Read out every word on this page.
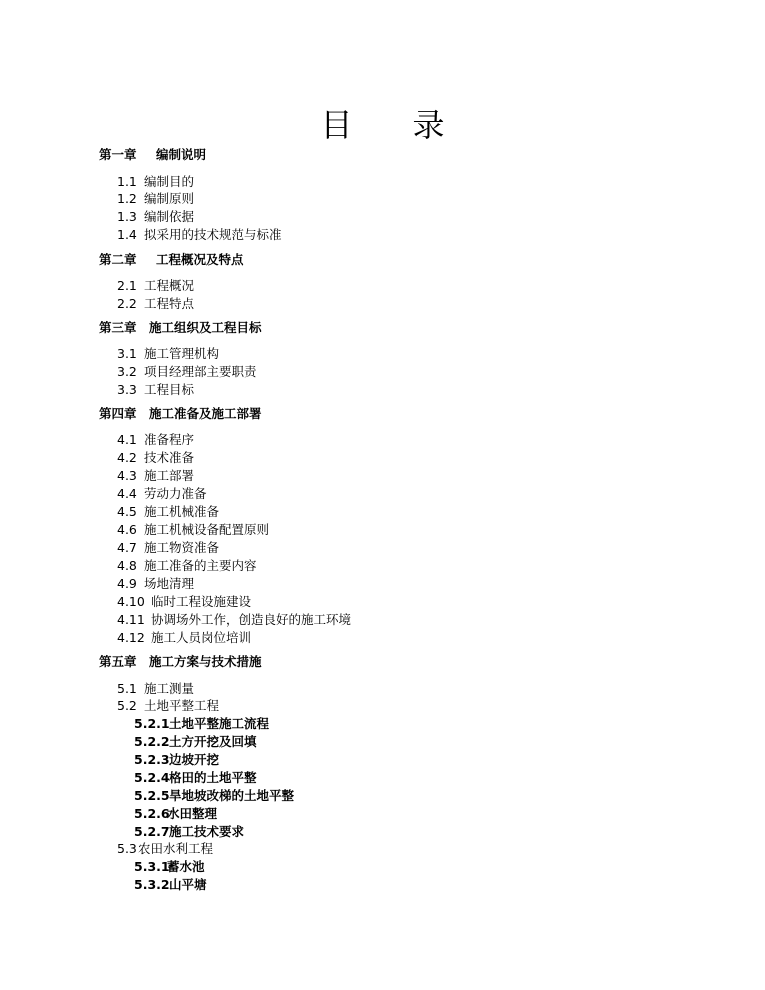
目 录
第一章 编制说明
1.1 编制目的
1.2 编制原则
1.3 编制依据
1.4 拟采用的技术规范与标准
第二章 工程概况及特点
2.1 工程概况
2.2 工程特点
第三章 施工组织及工程目标
3.1 施工管理机构
3.2 项目经理部主要职责
3.3 工程目标
第四章 施工准备及施工部署
4.1 准备程序
4.2 技术准备
4.3 施工部署
4.4 劳动力准备
4.5 施工机械准备
4.6 施工机械设备配置原则
4.7 施工物资准备
4.8 施工准备的主要内容
4.9 场地清理
4.10 临时工程设施建设
4.11 协调场外工作，创造良好的施工环境
4.12 施工人员岗位培训
第五章 施工方案与技术措施
5.1 施工测量
5.2 土地平整工程
5.2.1土地平整施工流程
5.2.2土方开挖及回填
5.2.3边坡开挖
5.2.4格田的土地平整
5.2.5旱地坡改梯的土地平整
5.2.6水田整理
5.2.7施工技术要求
5.3农田水利工程
5.3.1蓄水池
5.3.2山平塘
